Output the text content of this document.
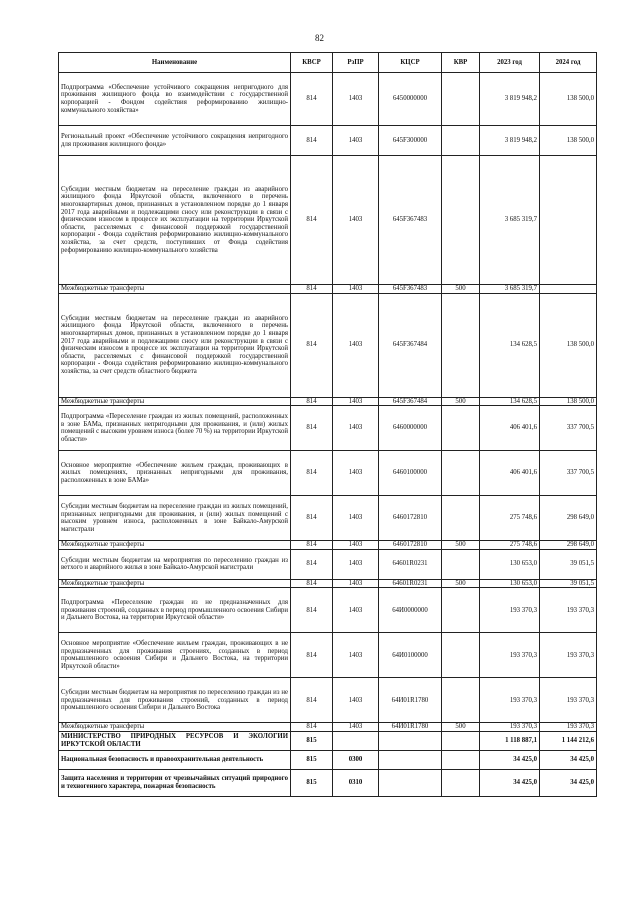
82
Наименование	КВСР	РзПР	КЦСР	КВР	2023 год	2024 год
Подпрограмма «Обеспечение устойчивого сокращения непригодного для проживания жилищного фонда во взаимодействии с государственной корпорацией - Фондом содействия реформированию жилищно-коммунального хозяйства»	814	1403	6450000000		3 819 948,2	138 500,0
Региональный проект «Обеспечение устойчивого сокращения непригодного для проживания жилищного фонда»	814	1403	645F300000		3 819 948,2	138 500,0
Субсидии местным бюджетам на переселение граждан из аварийного жилищного фонда Иркутской области, включенного в перечень многоквартирных домов, признанных в установленном порядке до 1 января 2017 года аварийными и подлежащими сносу или реконструкции в связи с физическим износом в процессе их эксплуатации на территории Иркутской области, расселяемых с финансовой поддержкой государственной корпорации - Фонда содействия реформированию жилищно-коммунального хозяйства, за счет средств, поступивших от Фонда содействия реформированию жилищно-коммунального хозяйства	814	1403	645F367483		3 685 319,7	
Межбюджетные трансферты	814	1403	645F367483	500	3 685 319,7	
Субсидии местным бюджетам на переселение граждан из аварийного жилищного фонда Иркутской области, включенного в перечень многоквартирных домов, признанных в установленном порядке до 1 января 2017 года аварийными и подлежащими сносу или реконструкции в связи с физическим износом в процессе их эксплуатации на территории Иркутской области, расселяемых с финансовой поддержкой государственной корпорации - Фонда содействия реформированию жилищно-коммунального хозяйства, за счет средств областного бюджета	814	1403	645F367484		134 628,5	138 500,0
Межбюджетные трансферты	814	1403	645F367484	500	134 628,5	138 500,0
Подпрограмма «Переселение граждан из жилых помещений, расположенных в зоне БАМа, признанных непригодными для проживания, и (или) жилых помещений с высоким уровнем износа (более 70 %) на территории Иркутской области»	814	1403	6460000000		406 401,6	337 700,5
Основное мероприятие «Обеспечение жильем граждан, проживающих в жилых помещениях, признанных непригодными для проживания, расположенных в зоне БАМа»	814	1403	6460100000		406 401,6	337 700,5
Субсидии местным бюджетам на переселение граждан из жилых помещений, признанных непригодными для проживания, и (или) жилых помещений с высоким уровнем износа, расположенных в зоне Байкало-Амурской магистрали	814	1403	6460172810		275 748,6	298 649,0
Межбюджетные трансферты	814	1403	6460172810	500	275 748,6	298 649,0
Субсидии местным бюджетам на мероприятия по переселению граждан из ветхого и аварийного жилья в зоне Байкало-Амурской магистрали	814	1403	64601R0231		130 653,0	39 051,5
Межбюджетные трансферты	814	1403	64601R0231	500	130 653,0	39 051,5
Подпрограмма «Переселение граждан из не предназначенных для проживания строений, созданных в период промышленного освоения Сибири и Дальнего Востока, на территории Иркутской области»	814	1403	64И0000000		193 370,3	193 370,3
Основное мероприятие «Обеспечение жильем граждан, проживающих в не предназначенных для проживания строениях, созданных в период промышленного освоения Сибири и Дальнего Востока, на территории Иркутской области»	814	1403	64И0100000		193 370,3	193 370,3
Субсидии местным бюджетам на мероприятия по переселению граждан из не предназначенных для проживания строений, созданных в период промышленного освоения Сибири и Дальнего Востока	814	1403	64И01R1780		193 370,3	193 370,3
Межбюджетные трансферты	814	1403	64И01R1780	500	193 370,3	193 370,3
МИНИСТЕРСТВО ПРИРОДНЫХ РЕСУРСОВ И ЭКОЛОГИИ ИРКУТСКОЙ ОБЛАСТИ	815				1 118 887,1	1 144 212,6
Национальная безопасность и правоохранительная деятельность	815	0300			34 425,0	34 425,0
Защита населения и территории от чрезвычайных ситуаций природного и техногенного характера, пожарная безопасность	815	0310			34 425,0	34 425,0
